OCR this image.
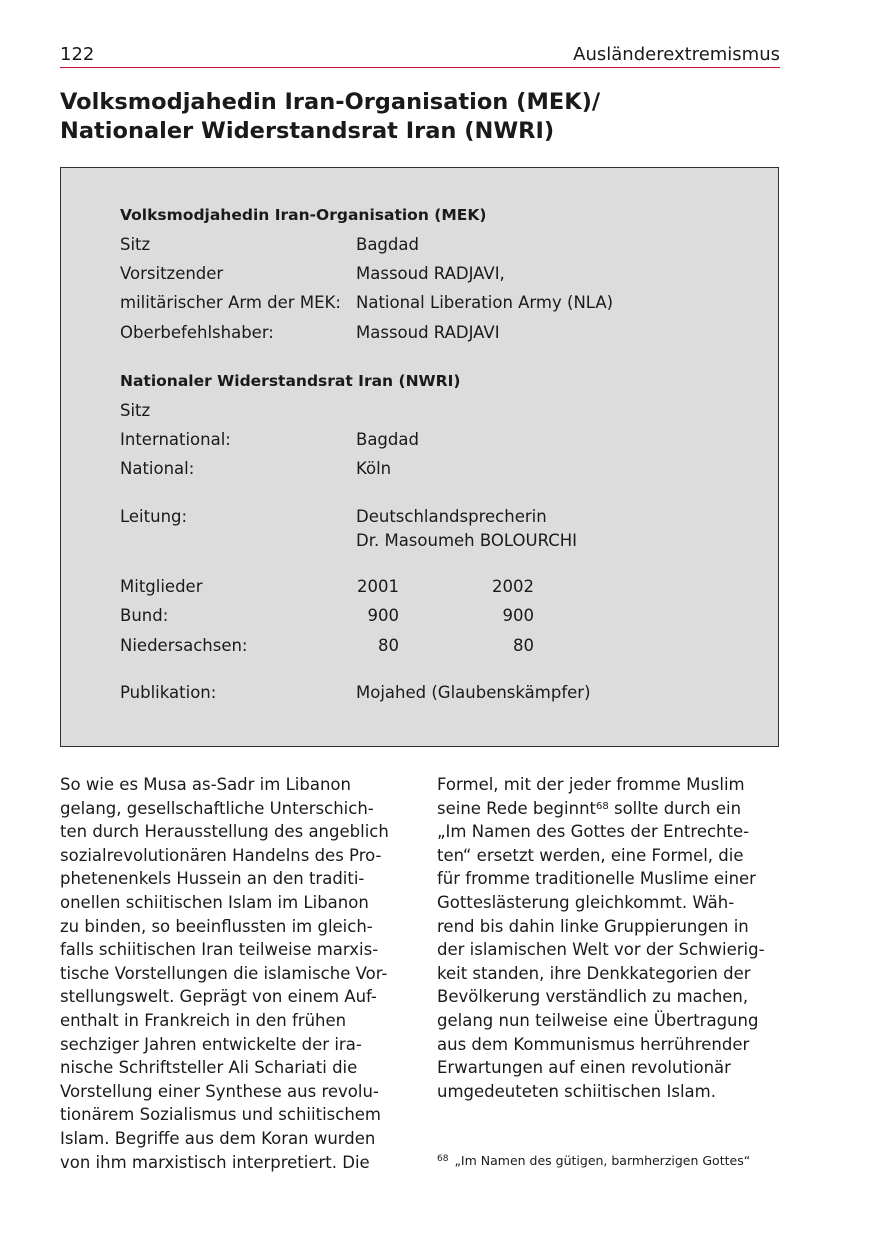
122	Ausländerextremismus
Volksmodjahedin Iran-Organisation (MEK)/
Nationaler Widerstandsrat Iran (NWRI)
Volksmodjahedin Iran-Organisation (MEK)
Sitz	Bagdad
Vorsitzender	Massoud RADJAVI,
militärischer Arm der MEK: National Liberation Army (NLA)
Oberbefehlshaber:	Massoud RADJAVI
Nationaler Widerstandsrat Iran (NWRI)
Sitz
International:	Bagdad
National:	Köln
Leitung:	Deutschlandsprecherin
Dr. Masoumeh BOLOURCHI
Mitglieder	2001	2002
Bund:	900	900
Niedersachsen:	80	80
Publikation:	Mojahed (Glaubenskämpfer)

So wie es Musa as-Sadr im Libanon
gelang, gesellschaftliche Unterschich-
ten durch Herausstellung des angeblich
sozialrevolutionären Handelns des Pro-
phetenenkels Hussein an den traditi-
onellen schiitischen Islam im Libanon
zu binden, so beeinflussten im gleich-
falls schiitischen Iran teilweise marxis-
tische Vorstellungen die islamische Vor-
stellungswelt. Geprägt von einem Auf-
enthalt in Frankreich in den frühen
sechziger Jahren entwickelte der ira-
nische Schriftsteller Ali Schariati die
Vorstellung einer Synthese aus revolu-
tionärem Sozialismus und schiitischem
Islam. Begriffe aus dem Koran wurden
von ihm marxistisch interpretiert. Die

Formel, mit der jeder fromme Muslim
seine Rede beginnt$^{68}$ sollte durch ein
„Im Namen des Gottes der Entrechte-
ten“ ersetzt werden, eine Formel, die
für fromme traditionelle Muslime einer
Gotteslästerung gleichkommt. Wäh-
rend bis dahin linke Gruppierungen in
der islamischen Welt vor der Schwierig-
keit standen, ihre Denkkategorien der
Bevölkerung verständlich zu machen,
gelang nun teilweise eine Übertragung
aus dem Kommunismus herrührender
Erwartungen auf einen revolutionär
umgedeuteten schiitischen Islam.

$^{68}$ „Im Namen des gütigen, barmherzigen Gottes“
